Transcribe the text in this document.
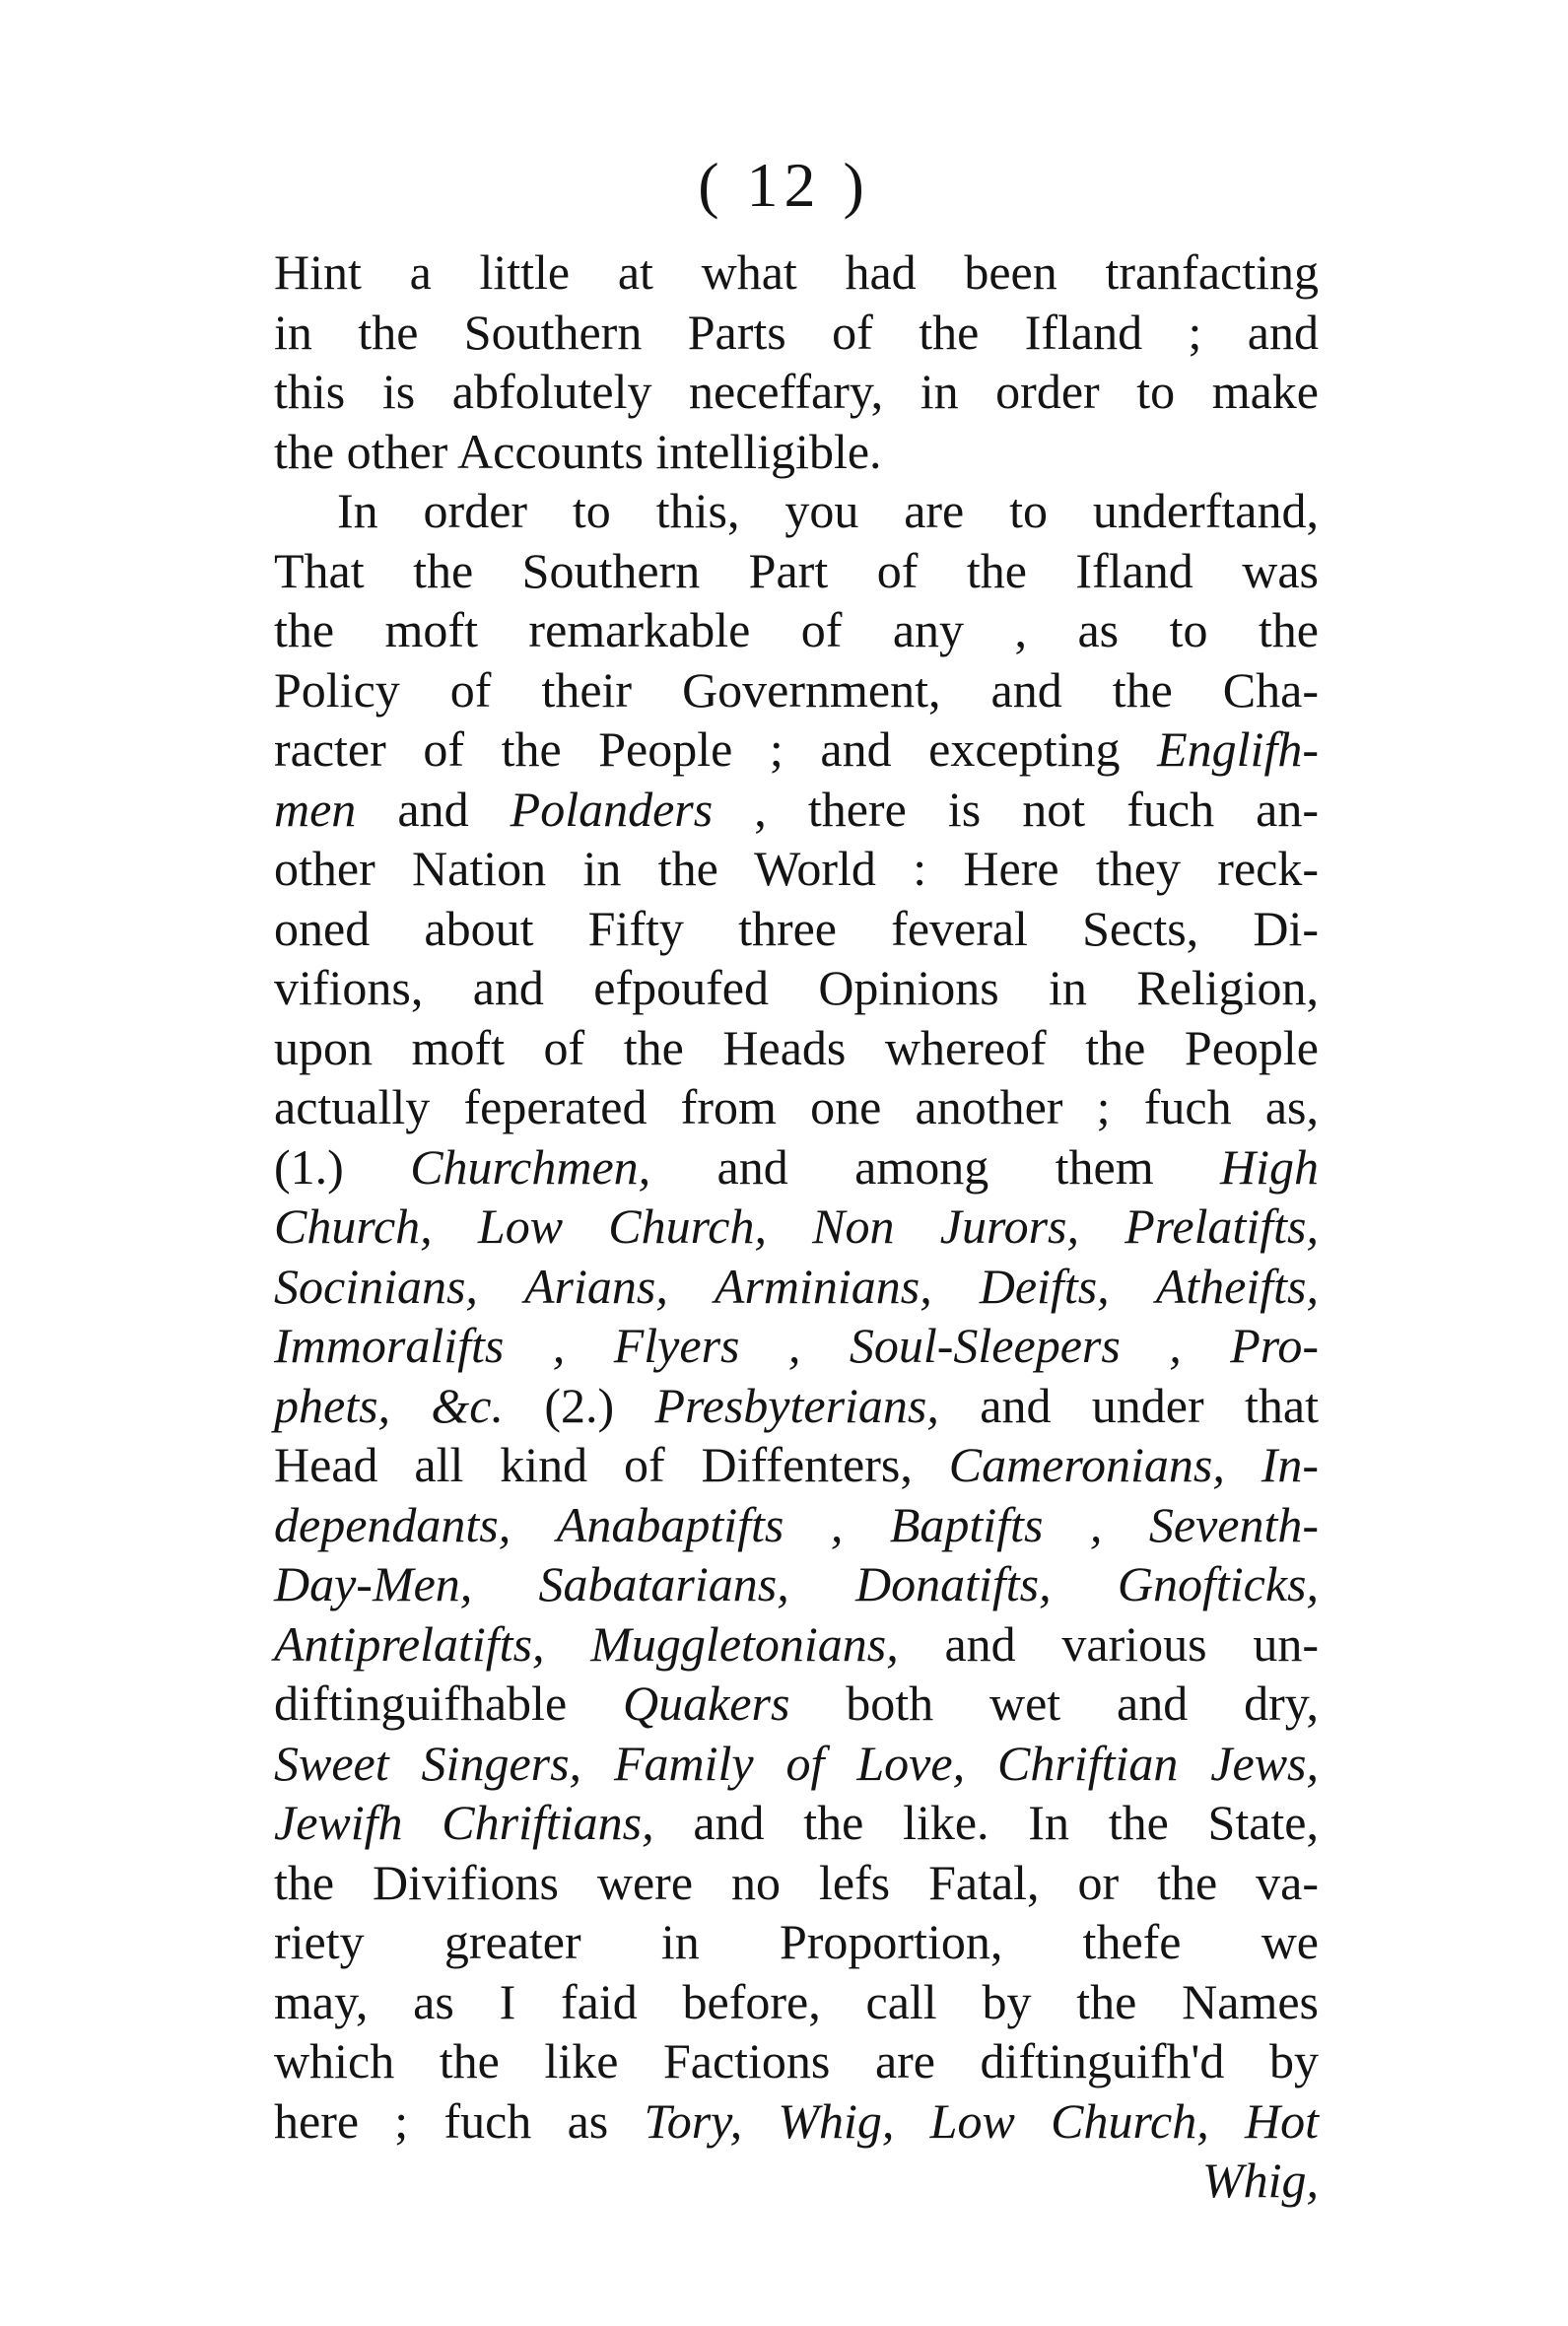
( 12 )
Hint a little at what had been tranfacting
in the Southern Parts of the Ifland ; and
this is abfolutely neceffary, in order to make
the other Accounts intelligible.
In order to this, you are to underftand,
That the Southern Part of the Ifland was
the moft remarkable of any , as to the
Policy of their Government, and the Cha-
racter of the People ; and excepting Englifh-
men and Polanders , there is not fuch an-
other Nation in the World : Here they reck-
oned about Fifty three feveral Sects, Di-
vifions, and efpoufed Opinions in Religion,
upon moft of the Heads whereof the People
actually feperated from one another ; fuch as,
(1.) Churchmen, and among them High
Church, Low Church, Non Jurors, Prelatifts,
Socinians, Arians, Arminians, Deifts, Atheifts,
Immoralifts , Flyers , Soul-Sleepers , Pro-
phets, &c. (2.) Presbyterians, and under that
Head all kind of Diffenters, Cameronians, In-
dependants, Anabaptifts , Baptifts , Seventh-
Day-Men, Sabatarians, Donatifts, Gnofticks,
Antiprelatifts, Muggletonians, and various un-
diftinguifhable Quakers both wet and dry,
Sweet Singers, Family of Love, Chriftian Jews,
Jewifh Chriftians, and the like. In the State,
the Divifions were no lefs Fatal, or the va-
riety greater in Proportion, thefe we
may, as I faid before, call by the Names
which the like Factions are diftinguifh'd by
here ; fuch as Tory, Whig, Low Church, Hot
Whig,
